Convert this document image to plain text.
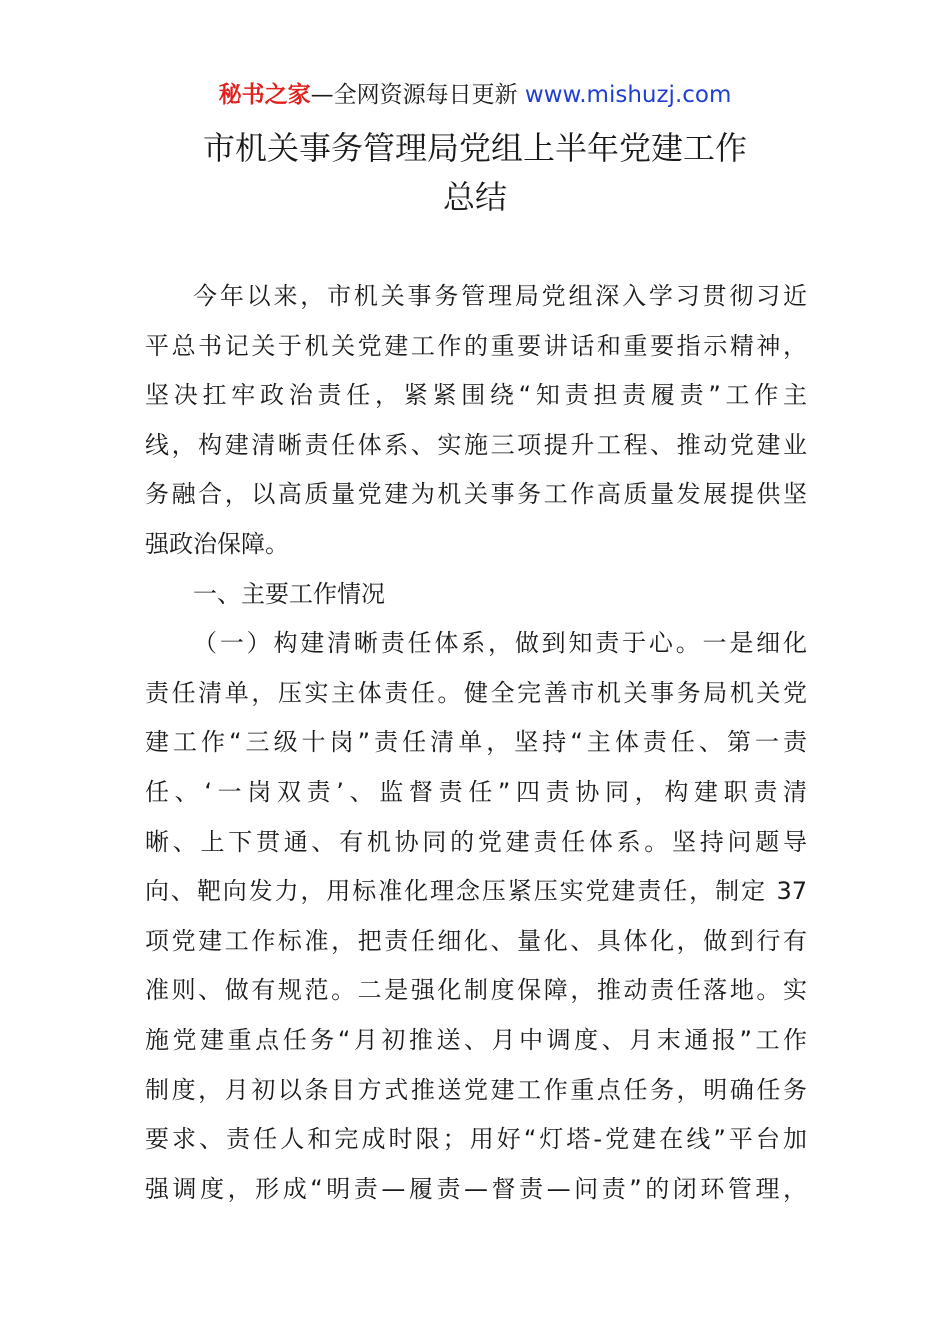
秘书之家—全网资源每日更新 www.mishuzj.com
市机关事务管理局党组上半年党建工作
总结
今年以来，市机关事务管理局党组深入学习贯彻习近
平总书记关于机关党建工作的重要讲话和重要指示精神，
坚决扛牢政治责任，紧紧围绕“知责担责履责”工作主
线，构建清晰责任体系、实施三项提升工程、推动党建业
务融合，以高质量党建为机关事务工作高质量发展提供坚
强政治保障。
一、主要工作情况
（一）构建清晰责任体系，做到知责于心。一是细化
责任清单，压实主体责任。健全完善市机关事务局机关党
建工作“三级十岗”责任清单，坚持“主体责任、第一责
任、‘一岗双责’、监督责任”四责协同，构建职责清
晰、上下贯通、有机协同的党建责任体系。坚持问题导
向、靶向发力，用标准化理念压紧压实党建责任，制定 37
项党建工作标准，把责任细化、量化、具体化，做到行有
准则、做有规范。二是强化制度保障，推动责任落地。实
施党建重点任务“月初推送、月中调度、月末通报”工作
制度，月初以条目方式推送党建工作重点任务，明确任务
要求、责任人和完成时限；用好“灯塔-党建在线”平台加
强调度，形成“明责—履责—督责—问责”的闭环管理，
